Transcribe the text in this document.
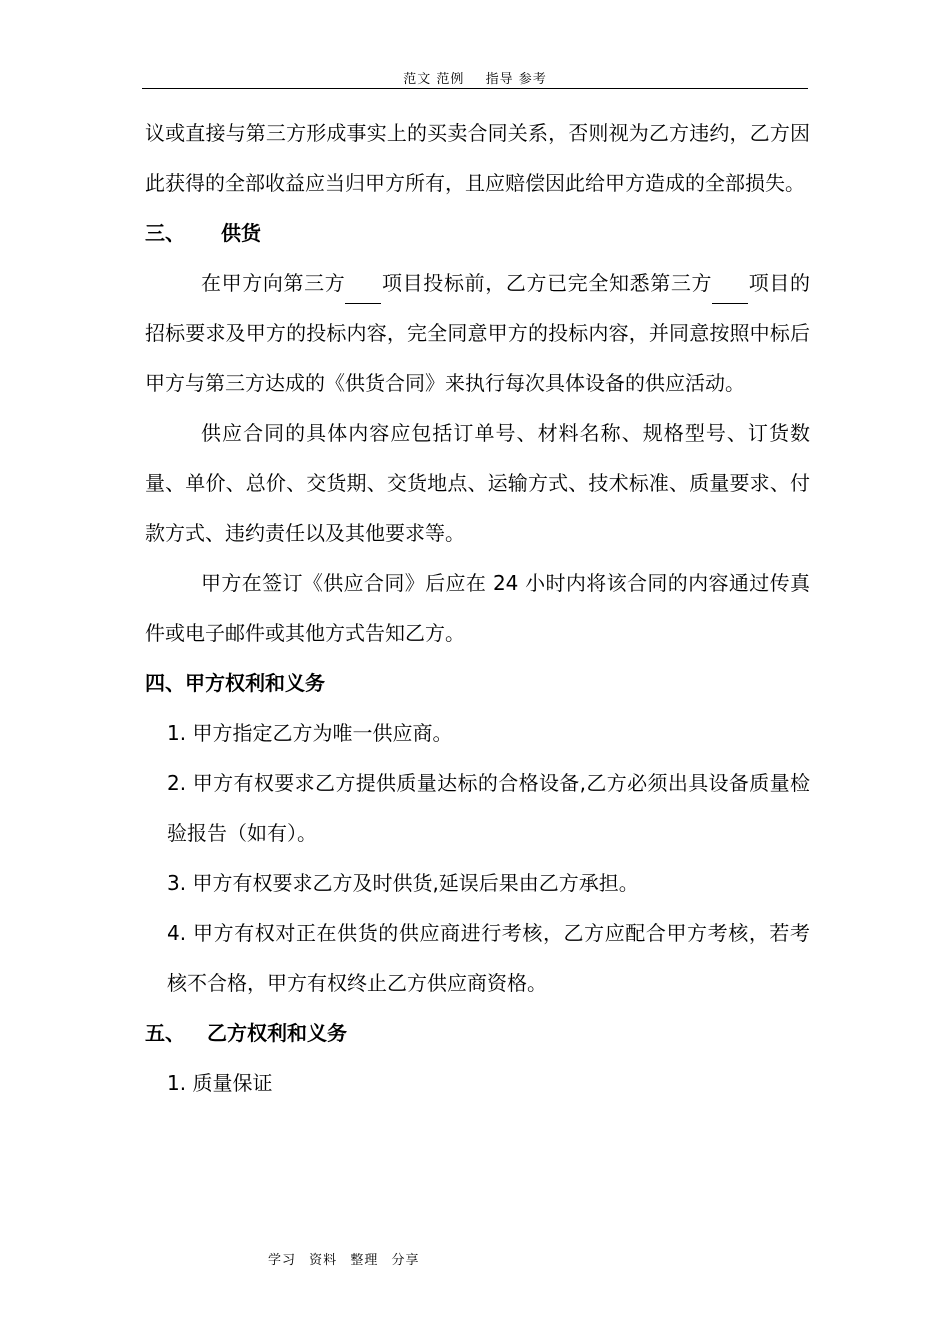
范文 范例 指导 参考

议或直接与第三方形成事实上的买卖合同关系，否则视为乙方违约，乙方因此获得的全部收益应当归甲方所有，且应赔偿因此给甲方造成的全部损失。

三、 供货

在甲方向第三方 项目投标前，乙方已完全知悉第三方 项目的招标要求及甲方的投标内容，完全同意甲方的投标内容，并同意按照中标后甲方与第三方达成的《供货合同》来执行每次具体设备的供应活动。

供应合同的具体内容应包括订单号、材料名称、规格型号、订货数量、单价、总价、交货期、交货地点、运输方式、技术标准、质量要求、付款方式、违约责任以及其他要求等。

甲方在签订《供应合同》后应在 24 小时内将该合同的内容通过传真件或电子邮件或其他方式告知乙方。

四、甲方权利和义务

1. 甲方指定乙方为唯一供应商。

2. 甲方有权要求乙方提供质量达标的合格设备,乙方必须出具设备质量检验报告（如有）。

3. 甲方有权要求乙方及时供货,延误后果由乙方承担。

4. 甲方有权对正在供货的供应商进行考核，乙方应配合甲方考核，若考核不合格，甲方有权终止乙方供应商资格。

五、 乙方权利和义务

1. 质量保证

学习 资料 整理 分享
